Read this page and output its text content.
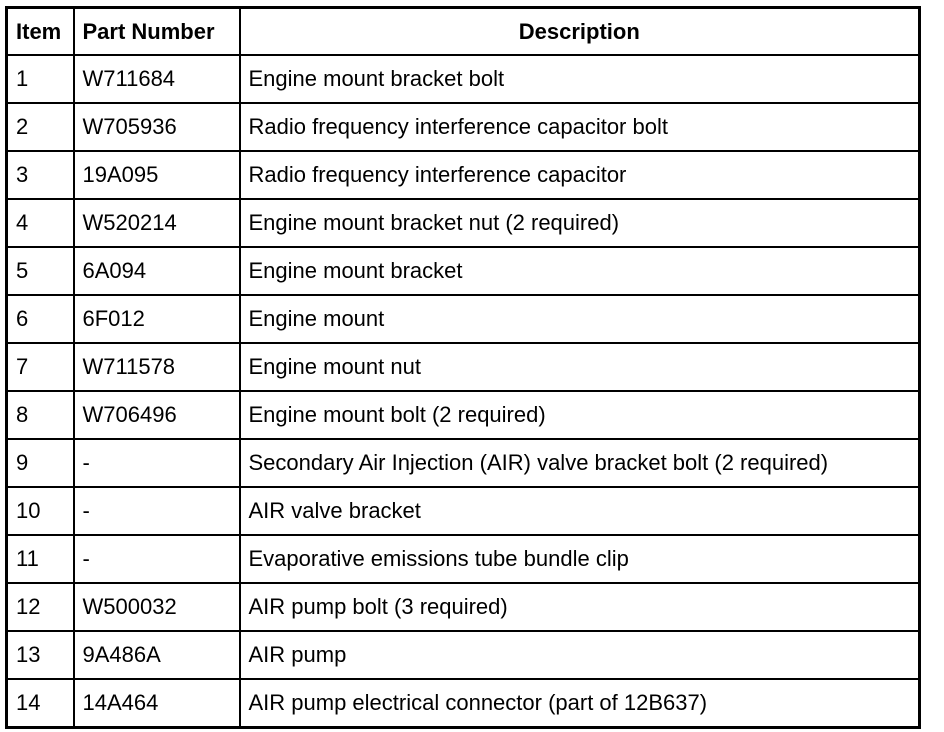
Item	Part Number	Description
1	W711684	Engine mount bracket bolt
2	W705936	Radio frequency interference capacitor bolt
3	19A095	Radio frequency interference capacitor
4	W520214	Engine mount bracket nut (2 required)
5	6A094	Engine mount bracket
6	6F012	Engine mount
7	W711578	Engine mount nut
8	W706496	Engine mount bolt (2 required)
9	-	Secondary Air Injection (AIR) valve bracket bolt (2 required)
10	-	AIR valve bracket
11	-	Evaporative emissions tube bundle clip
12	W500032	AIR pump bolt (3 required)
13	9A486A	AIR pump
14	14A464	AIR pump electrical connector (part of 12B637)
